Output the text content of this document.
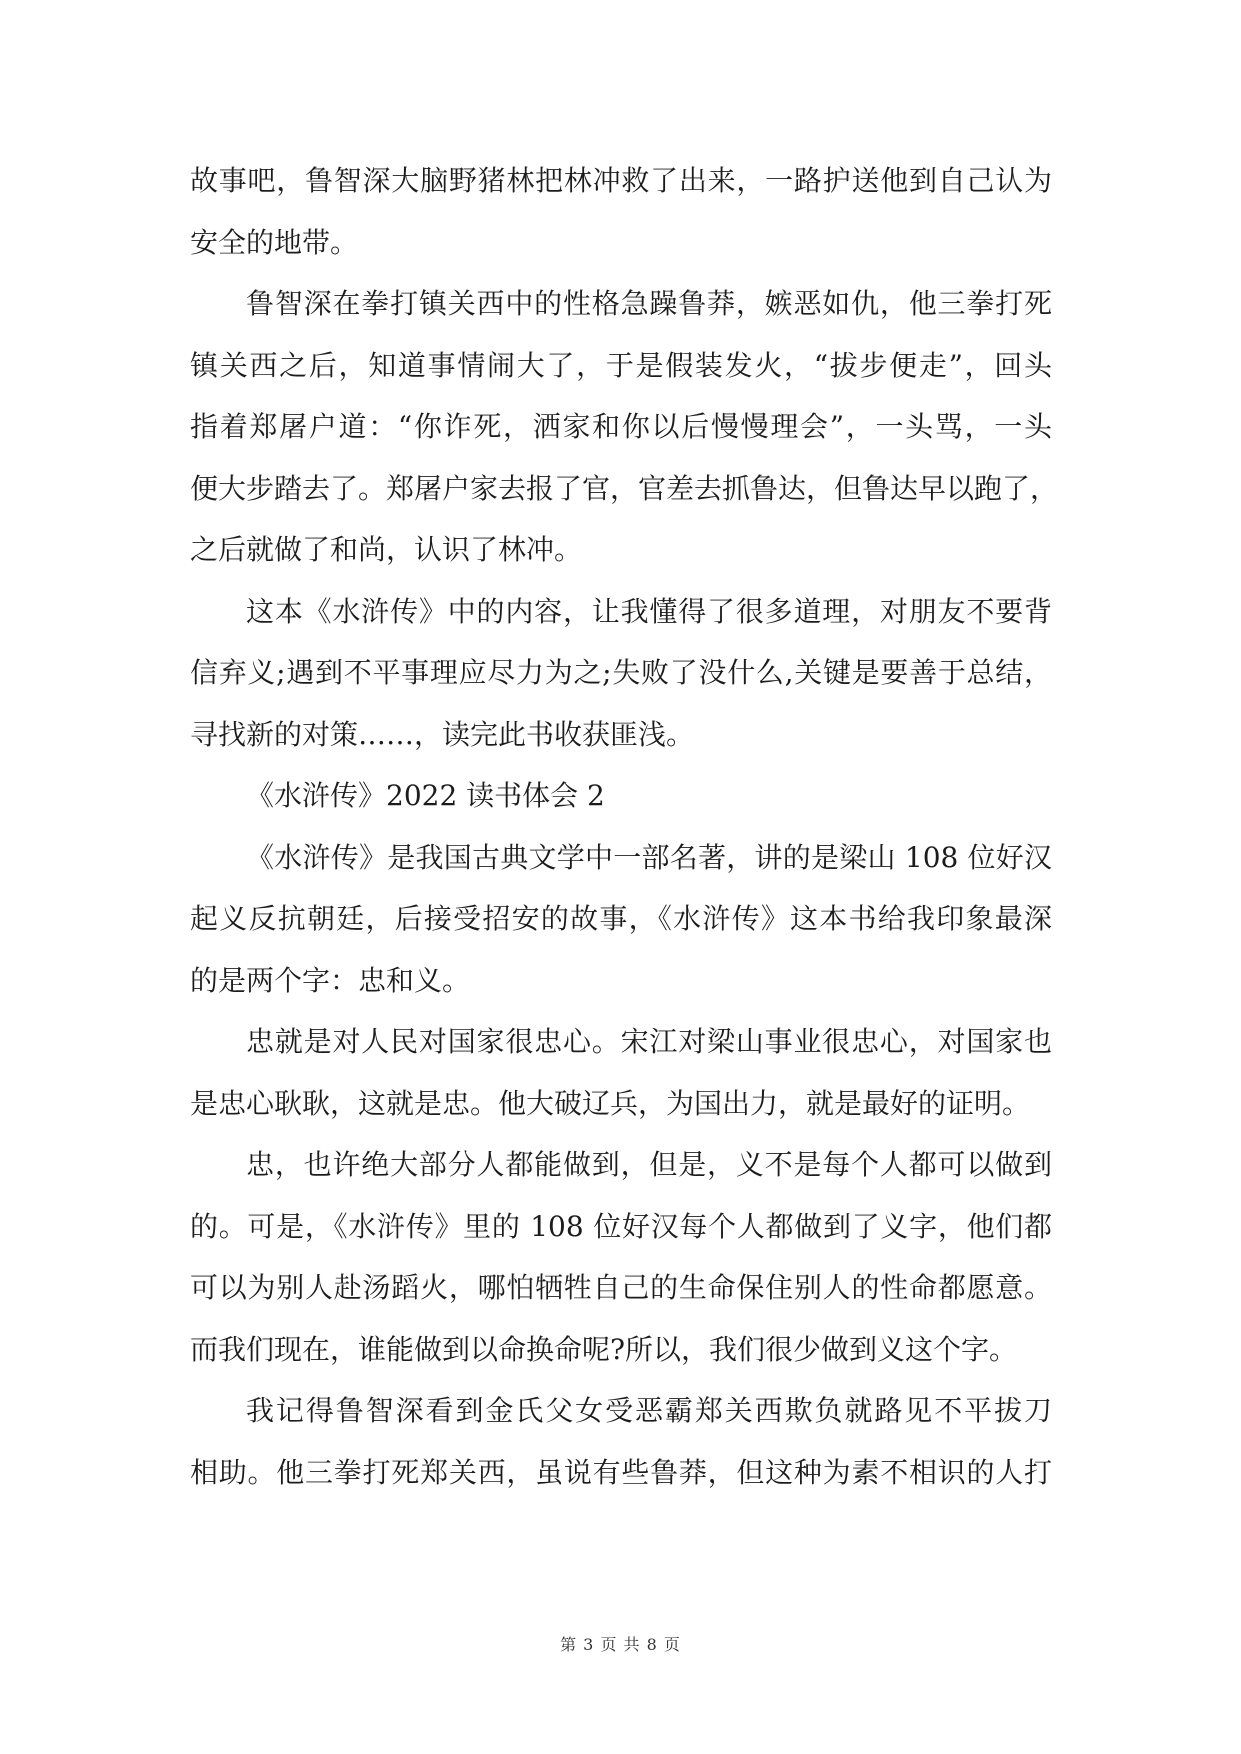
故事吧，鲁智深大脑野猪林把林冲救了出来，一路护送他到自己认为
安全的地带。
鲁智深在拳打镇关西中的性格急躁鲁莽，嫉恶如仇，他三拳打死
镇关西之后，知道事情闹大了，于是假装发火，“拔步便走”，回头
指着郑屠户道：“你诈死，洒家和你以后慢慢理会”，一头骂，一头
便大步踏去了。郑屠户家去报了官，官差去抓鲁达，但鲁达早以跑了，
之后就做了和尚，认识了林冲。
这本《水浒传》中的内容，让我懂得了很多道理，对朋友不要背
信弃义;遇到不平事理应尽力为之;失败了没什么,关键是要善于总结，
寻找新的对策……，读完此书收获匪浅。
《水浒传》2022 读书体会 2
《水浒传》是我国古典文学中一部名著，讲的是梁山 108 位好汉
起义反抗朝廷，后接受招安的故事，《水浒传》这本书给我印象最深
的是两个字：忠和义。
忠就是对人民对国家很忠心。宋江对梁山事业很忠心，对国家也
是忠心耿耿，这就是忠。他大破辽兵，为国出力，就是最好的证明。
忠，也许绝大部分人都能做到，但是，义不是每个人都可以做到
的。可是，《水浒传》里的 108 位好汉每个人都做到了义字，他们都
可以为别人赴汤蹈火，哪怕牺牲自己的生命保住别人的性命都愿意。
而我们现在，谁能做到以命换命呢?所以，我们很少做到义这个字。
我记得鲁智深看到金氏父女受恶霸郑关西欺负就路见不平拔刀
相助。他三拳打死郑关西，虽说有些鲁莽，但这种为素不相识的人打
第 3 页 共 8 页
